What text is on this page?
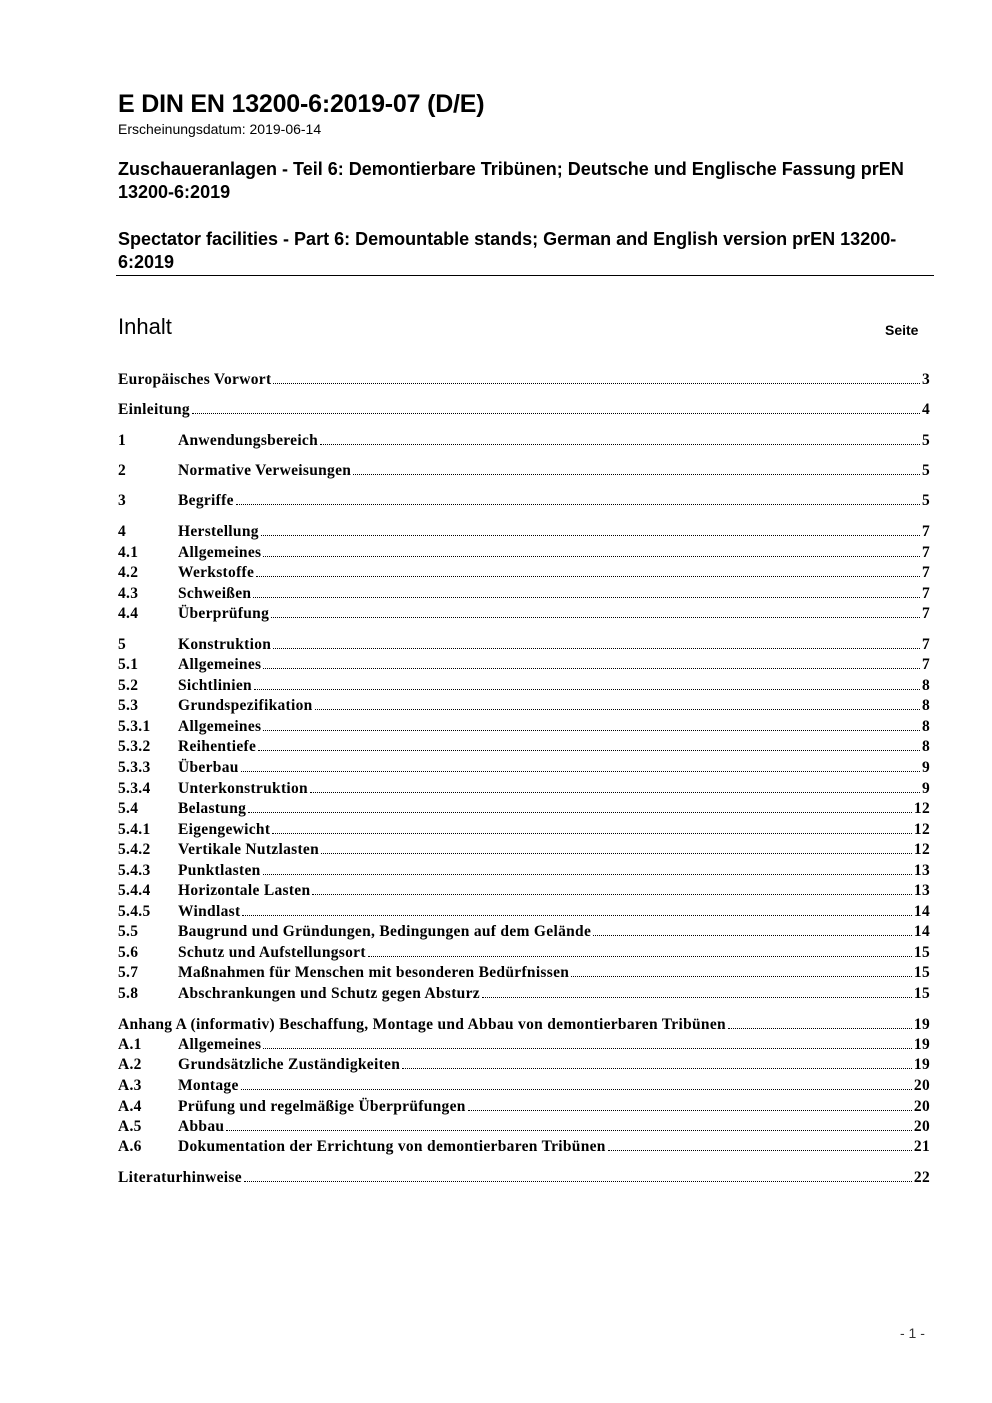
E DIN EN 13200-6:2019-07 (D/E)
Erscheinungsdatum: 2019-06-14
Zuschaueranlagen - Teil 6: Demontierbare Tribünen; Deutsche und Englische Fassung prEN 13200-6:2019
Spectator facilities - Part 6: Demountable stands; German and English version prEN 13200-6:2019
Inhalt	Seite
Europäisches Vorwort	3
Einleitung	4
1	Anwendungsbereich	5
2	Normative Verweisungen	5
3	Begriffe	5
4	Herstellung	7
4.1	Allgemeines	7
4.2	Werkstoffe	7
4.3	Schweißen	7
4.4	Überprüfung	7
5	Konstruktion	7
5.1	Allgemeines	7
5.2	Sichtlinien	8
5.3	Grundspezifikation	8
5.3.1	Allgemeines	8
5.3.2	Reihentiefe	8
5.3.3	Überbau	9
5.3.4	Unterkonstruktion	9
5.4	Belastung	12
5.4.1	Eigengewicht	12
5.4.2	Vertikale Nutzlasten	12
5.4.3	Punktlasten	13
5.4.4	Horizontale Lasten	13
5.4.5	Windlast	14
5.5	Baugrund und Gründungen, Bedingungen auf dem Gelände	14
5.6	Schutz und Aufstellungsort	15
5.7	Maßnahmen für Menschen mit besonderen Bedürfnissen	15
5.8	Abschrankungen und Schutz gegen Absturz	15
Anhang A (informativ) Beschaffung, Montage und Abbau von demontierbaren Tribünen	19
A.1	Allgemeines	19
A.2	Grundsätzliche Zuständigkeiten	19
A.3	Montage	20
A.4	Prüfung und regelmäßige Überprüfungen	20
A.5	Abbau	20
A.6	Dokumentation der Errichtung von demontierbaren Tribünen	21
Literaturhinweise	22
- 1 -
